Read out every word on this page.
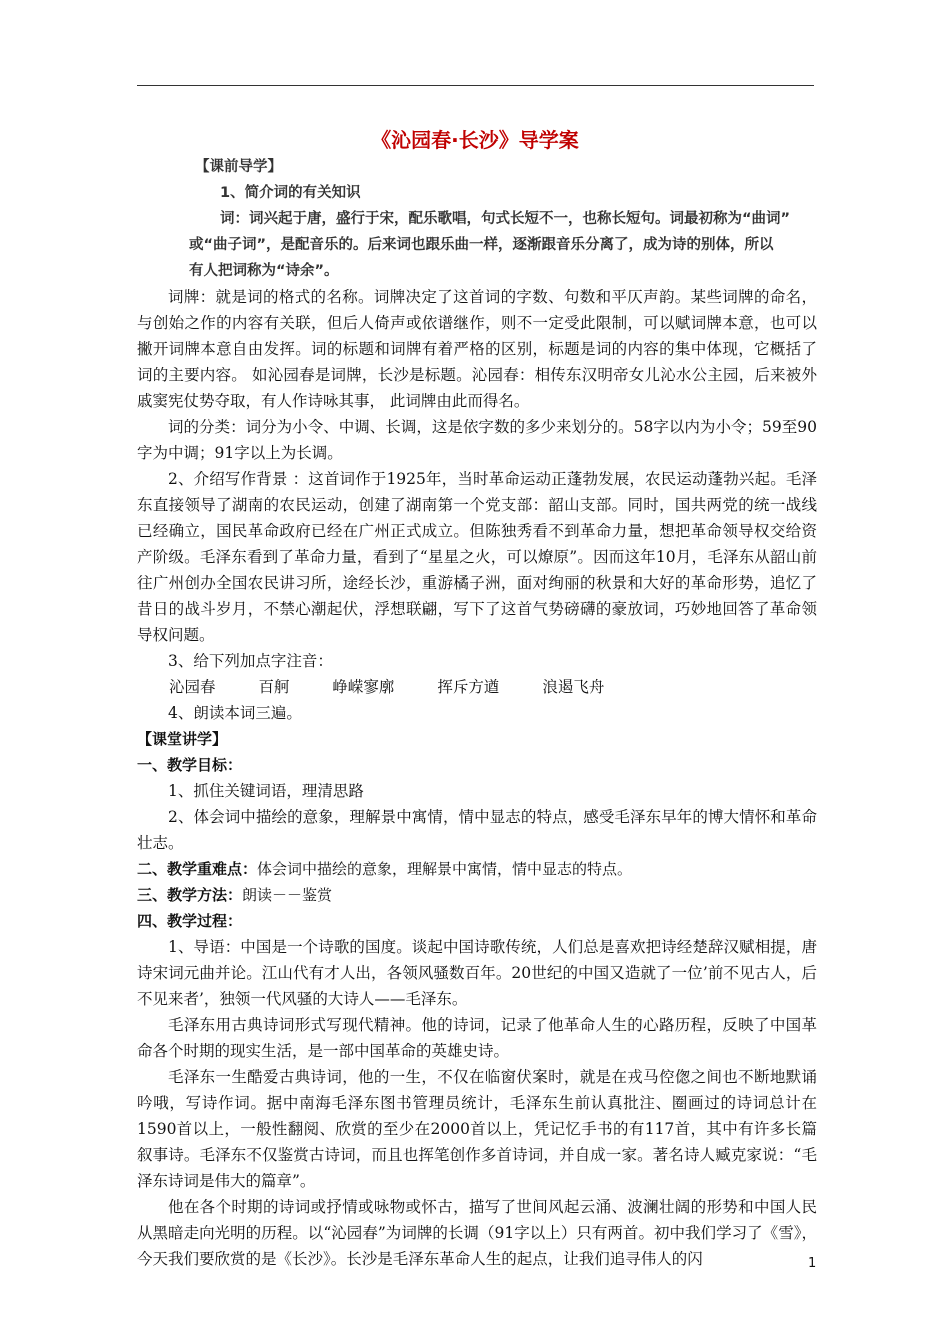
《沁园春·长沙》导学案
【课前导学】
1、简介词的有关知识
词：词兴起于唐，盛行于宋，配乐歌唱，句式长短不一，也称长短句。词最初称为“曲词”
或“曲子词”，是配音乐的。后来词也跟乐曲一样，逐渐跟音乐分离了，成为诗的别体，所以
有人把词称为“诗余”。

词牌：就是词的格式的名称。词牌决定了这首词的字数、句数和平仄声韵。某些词牌的命名，与创始之作的内容有关联，但后人倚声或依谱继作，则不一定受此限制，可以赋词牌本意，也可以撇开词牌本意自由发挥。词的标题和词牌有着严格的区别，标题是词的内容的集中体现，它概括了词的主要内容。 如沁园春是词牌，长沙是标题。沁园春：相传东汉明帝女儿沁水公主园，后来被外戚窦宪仗势夺取，有人作诗咏其事， 此词牌由此而得名。

词的分类：词分为小令、中调、长调，这是依字数的多少来划分的。58字以内为小令；59至90字为中调；91字以上为长调。

2、介绍写作背景 ：这首词作于1925年，当时革命运动正蓬勃发展，农民运动蓬勃兴起。毛泽东直接领导了湖南的农民运动，创建了湖南第一个党支部：韶山支部。同时，国共两党的统一战线已经确立，国民革命政府已经在广州正式成立。但陈独秀看不到革命力量，想把革命领导权交给资产阶级。毛泽东看到了革命力量，看到了“星星之火，可以燎原”。因而这年10月，毛泽东从韶山前往广州创办全国农民讲习所，途经长沙，重游橘子洲，面对绚丽的秋景和大好的革命形势，追忆了昔日的战斗岁月，不禁心潮起伏，浮想联翩，写下了这首气势磅礴的豪放词，巧妙地回答了革命领导权问题。

3、给下列加点字注音：

沁园春	百舸	峥嵘寥廓	挥斥方遒	浪遏飞舟

4、朗读本词三遍。

【课堂讲学】

一、教学目标：

1、抓住关键词语，理清思路

2、体会词中描绘的意象，理解景中寓情，情中显志的特点，感受毛泽东早年的博大情怀和革命壮志。

二、教学重难点：体会词中描绘的意象，理解景中寓情，情中显志的特点。

三、教学方法：朗读－－鉴赏

四、教学过程：

1、导语：中国是一个诗歌的国度。谈起中国诗歌传统，人们总是喜欢把诗经楚辞汉赋相提，唐诗宋词元曲并论。江山代有才人出，各领风骚数百年。20世纪的中国又造就了一位’前不见古人，后不见来者’，独领一代风骚的大诗人——毛泽东。

毛泽东用古典诗词形式写现代精神。他的诗词，记录了他革命人生的心路历程，反映了中国革命各个时期的现实生活，是一部中国革命的英雄史诗。

毛泽东一生酷爱古典诗词，他的一生，不仅在临窗伏案时，就是在戎马倥偬之间也不断地默诵吟哦，写诗作词。据中南海毛泽东图书管理员统计，毛泽东生前认真批注、圈画过的诗词总计在1590首以上，一般性翻阅、欣赏的至少在2000首以上，凭记忆手书的有117首，其中有许多长篇叙事诗。毛泽东不仅鉴赏古诗词，而且也挥笔创作多首诗词，并自成一家。著名诗人臧克家说：“毛泽东诗词是伟大的篇章”。

他在各个时期的诗词或抒情或咏物或怀古，描写了世间风起云涌、波澜壮阔的形势和中国人民从黑暗走向光明的历程。以“沁园春”为词牌的长调（91字以上）只有两首。初中我们学习了《雪》，今天我们要欣赏的是《长沙》。长沙是毛泽东革命人生的起点，让我们追寻伟人的闪	1
